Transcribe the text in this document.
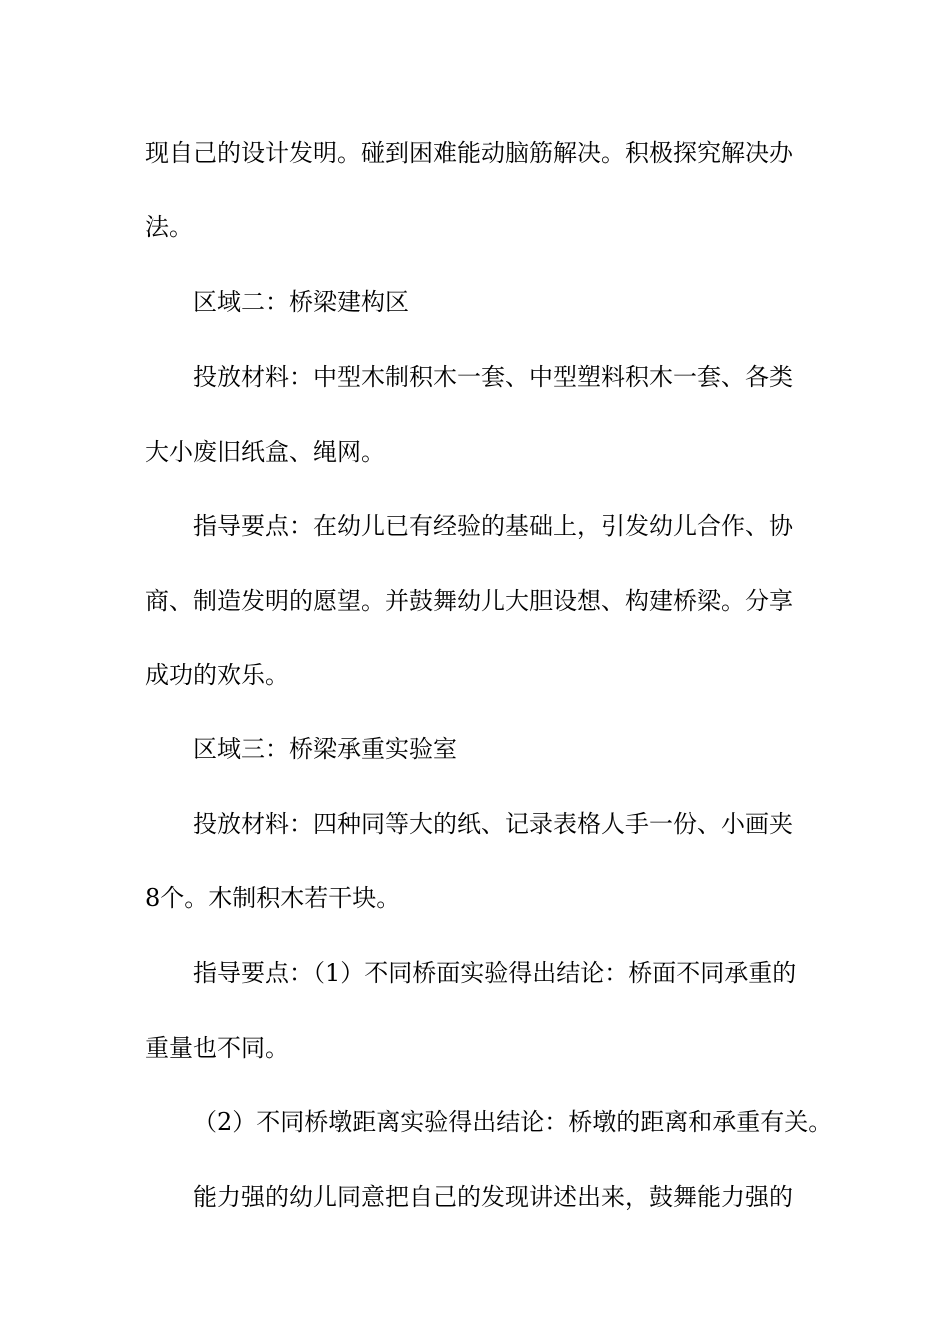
现自己的设计发明。碰到困难能动脑筋解决。积极探究解决办
法。
区域二：桥梁建构区
投放材料：中型木制积木一套、中型塑料积木一套、各类
大小废旧纸盒、绳网。
指导要点：在幼儿已有经验的基础上，引发幼儿合作、协
商、制造发明的愿望。并鼓舞幼儿大胆设想、构建桥梁。分享
成功的欢乐。
区域三：桥梁承重实验室
投放材料：四种同等大的纸、记录表格人手一份、小画夹
8个。木制积木若干块。
指导要点：（1）不同桥面实验得出结论：桥面不同承重的
重量也不同。
（2）不同桥墩距离实验得出结论：桥墩的距离和承重有关。
能力强的幼儿同意把自己的发现讲述出来，鼓舞能力强的
